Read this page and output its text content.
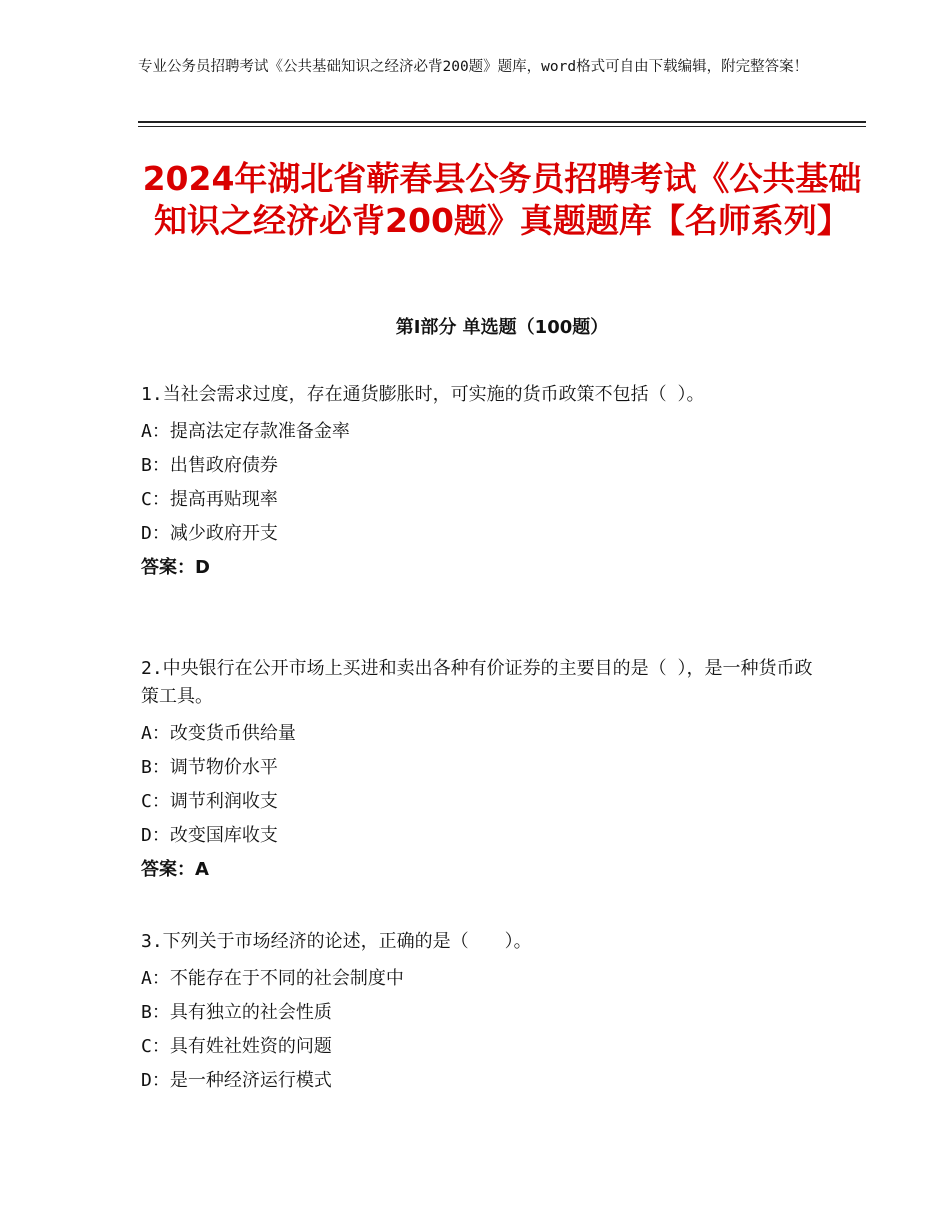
专业公务员招聘考试《公共基础知识之经济必背200题》题库，word格式可自由下载编辑，附完整答案！
2024年湖北省蕲春县公务员招聘考试《公共基础知识之经济必背200题》真题题库【名师系列】
第Ⅰ部分 单选题（100题）

1.当社会需求过度，存在通货膨胀时，可实施的货币政策不包括（ ）。

A：提高法定存款准备金率

B：出售政府债券

C：提高再贴现率

D：减少政府开支

答案：D

2.中央银行在公开市场上买进和卖出各种有价证券的主要目的是（ ），是一种货币政策工具。

A：改变货币供给量

B：调节物价水平

C：调节利润收支

D：改变国库收支

答案：A

3.下列关于市场经济的论述，正确的是（　　）。

A：不能存在于不同的社会制度中

B：具有独立的社会性质

C：具有姓社姓资的问题

D：是一种经济运行模式
